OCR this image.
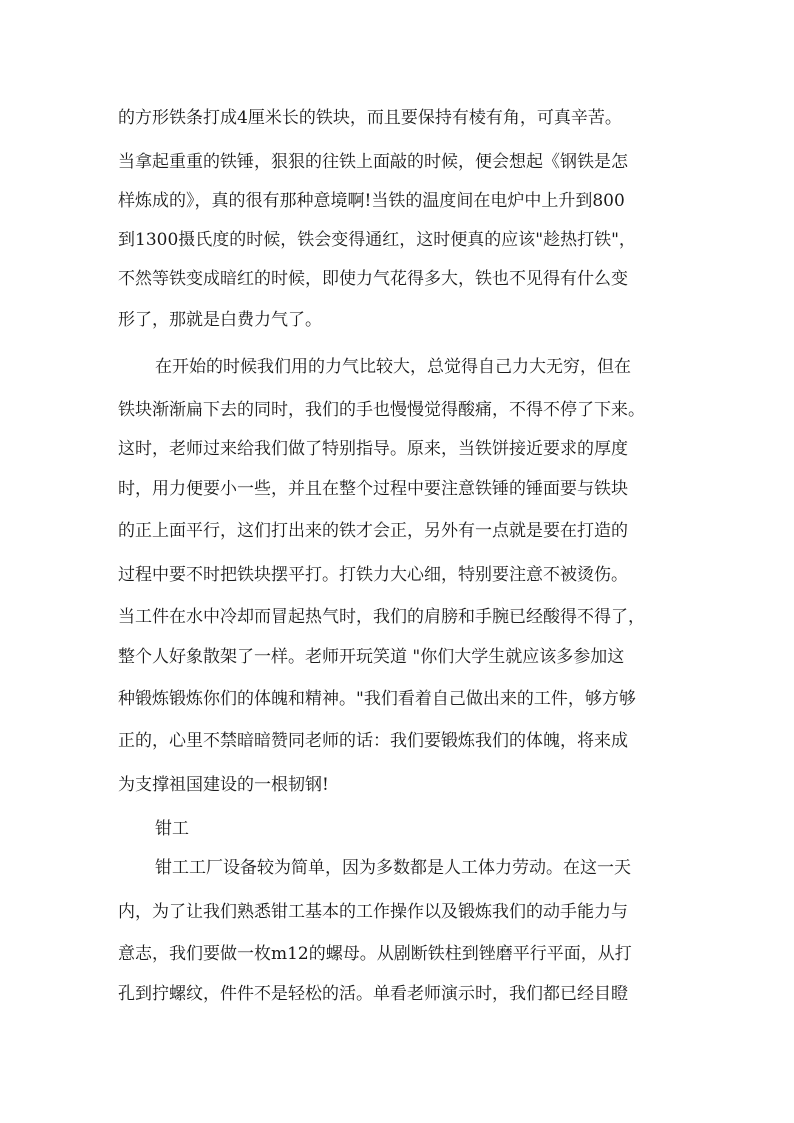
的方形铁条打成4厘米长的铁块，而且要保持有棱有角，可真辛苦。
当拿起重重的铁锤，狠狠的往铁上面敲的时候，便会想起《钢铁是怎
样炼成的》，真的很有那种意境啊!当铁的温度间在电炉中上升到800
到1300摄氏度的时候，铁会变得通红，这时便真的应该"趁热打铁"，
不然等铁变成暗红的时候，即使力气花得多大，铁也不见得有什么变
形了，那就是白费力气了。
在开始的时候我们用的力气比较大，总觉得自己力大无穷，但在
铁块渐渐扁下去的同时，我们的手也慢慢觉得酸痛，不得不停了下来。
这时，老师过来给我们做了特别指导。原来，当铁饼接近要求的厚度
时，用力便要小一些，并且在整个过程中要注意铁锤的锤面要与铁块
的正上面平行，这们打出来的铁才会正，另外有一点就是要在打造的
过程中要不时把铁块摆平打。打铁力大心细，特别要注意不被烫伤。
当工件在水中冷却而冒起热气时，我们的肩膀和手腕已经酸得不得了，
整个人好象散架了一样。老师开玩笑道 "你们大学生就应该多参加这
种锻炼锻炼你们的体魄和精神。"我们看着自己做出来的工件，够方够
正的，心里不禁暗暗赞同老师的话：我们要锻炼我们的体魄，将来成
为支撑祖国建设的一根韧钢!
钳工
钳工工厂设备较为简单，因为多数都是人工体力劳动。在这一天
内，为了让我们熟悉钳工基本的工作操作以及锻炼我们的动手能力与
意志，我们要做一枚m12的螺母。从剧断铁柱到锉磨平行平面，从打
孔到拧螺纹，件件不是轻松的活。单看老师演示时，我们都已经目瞪
